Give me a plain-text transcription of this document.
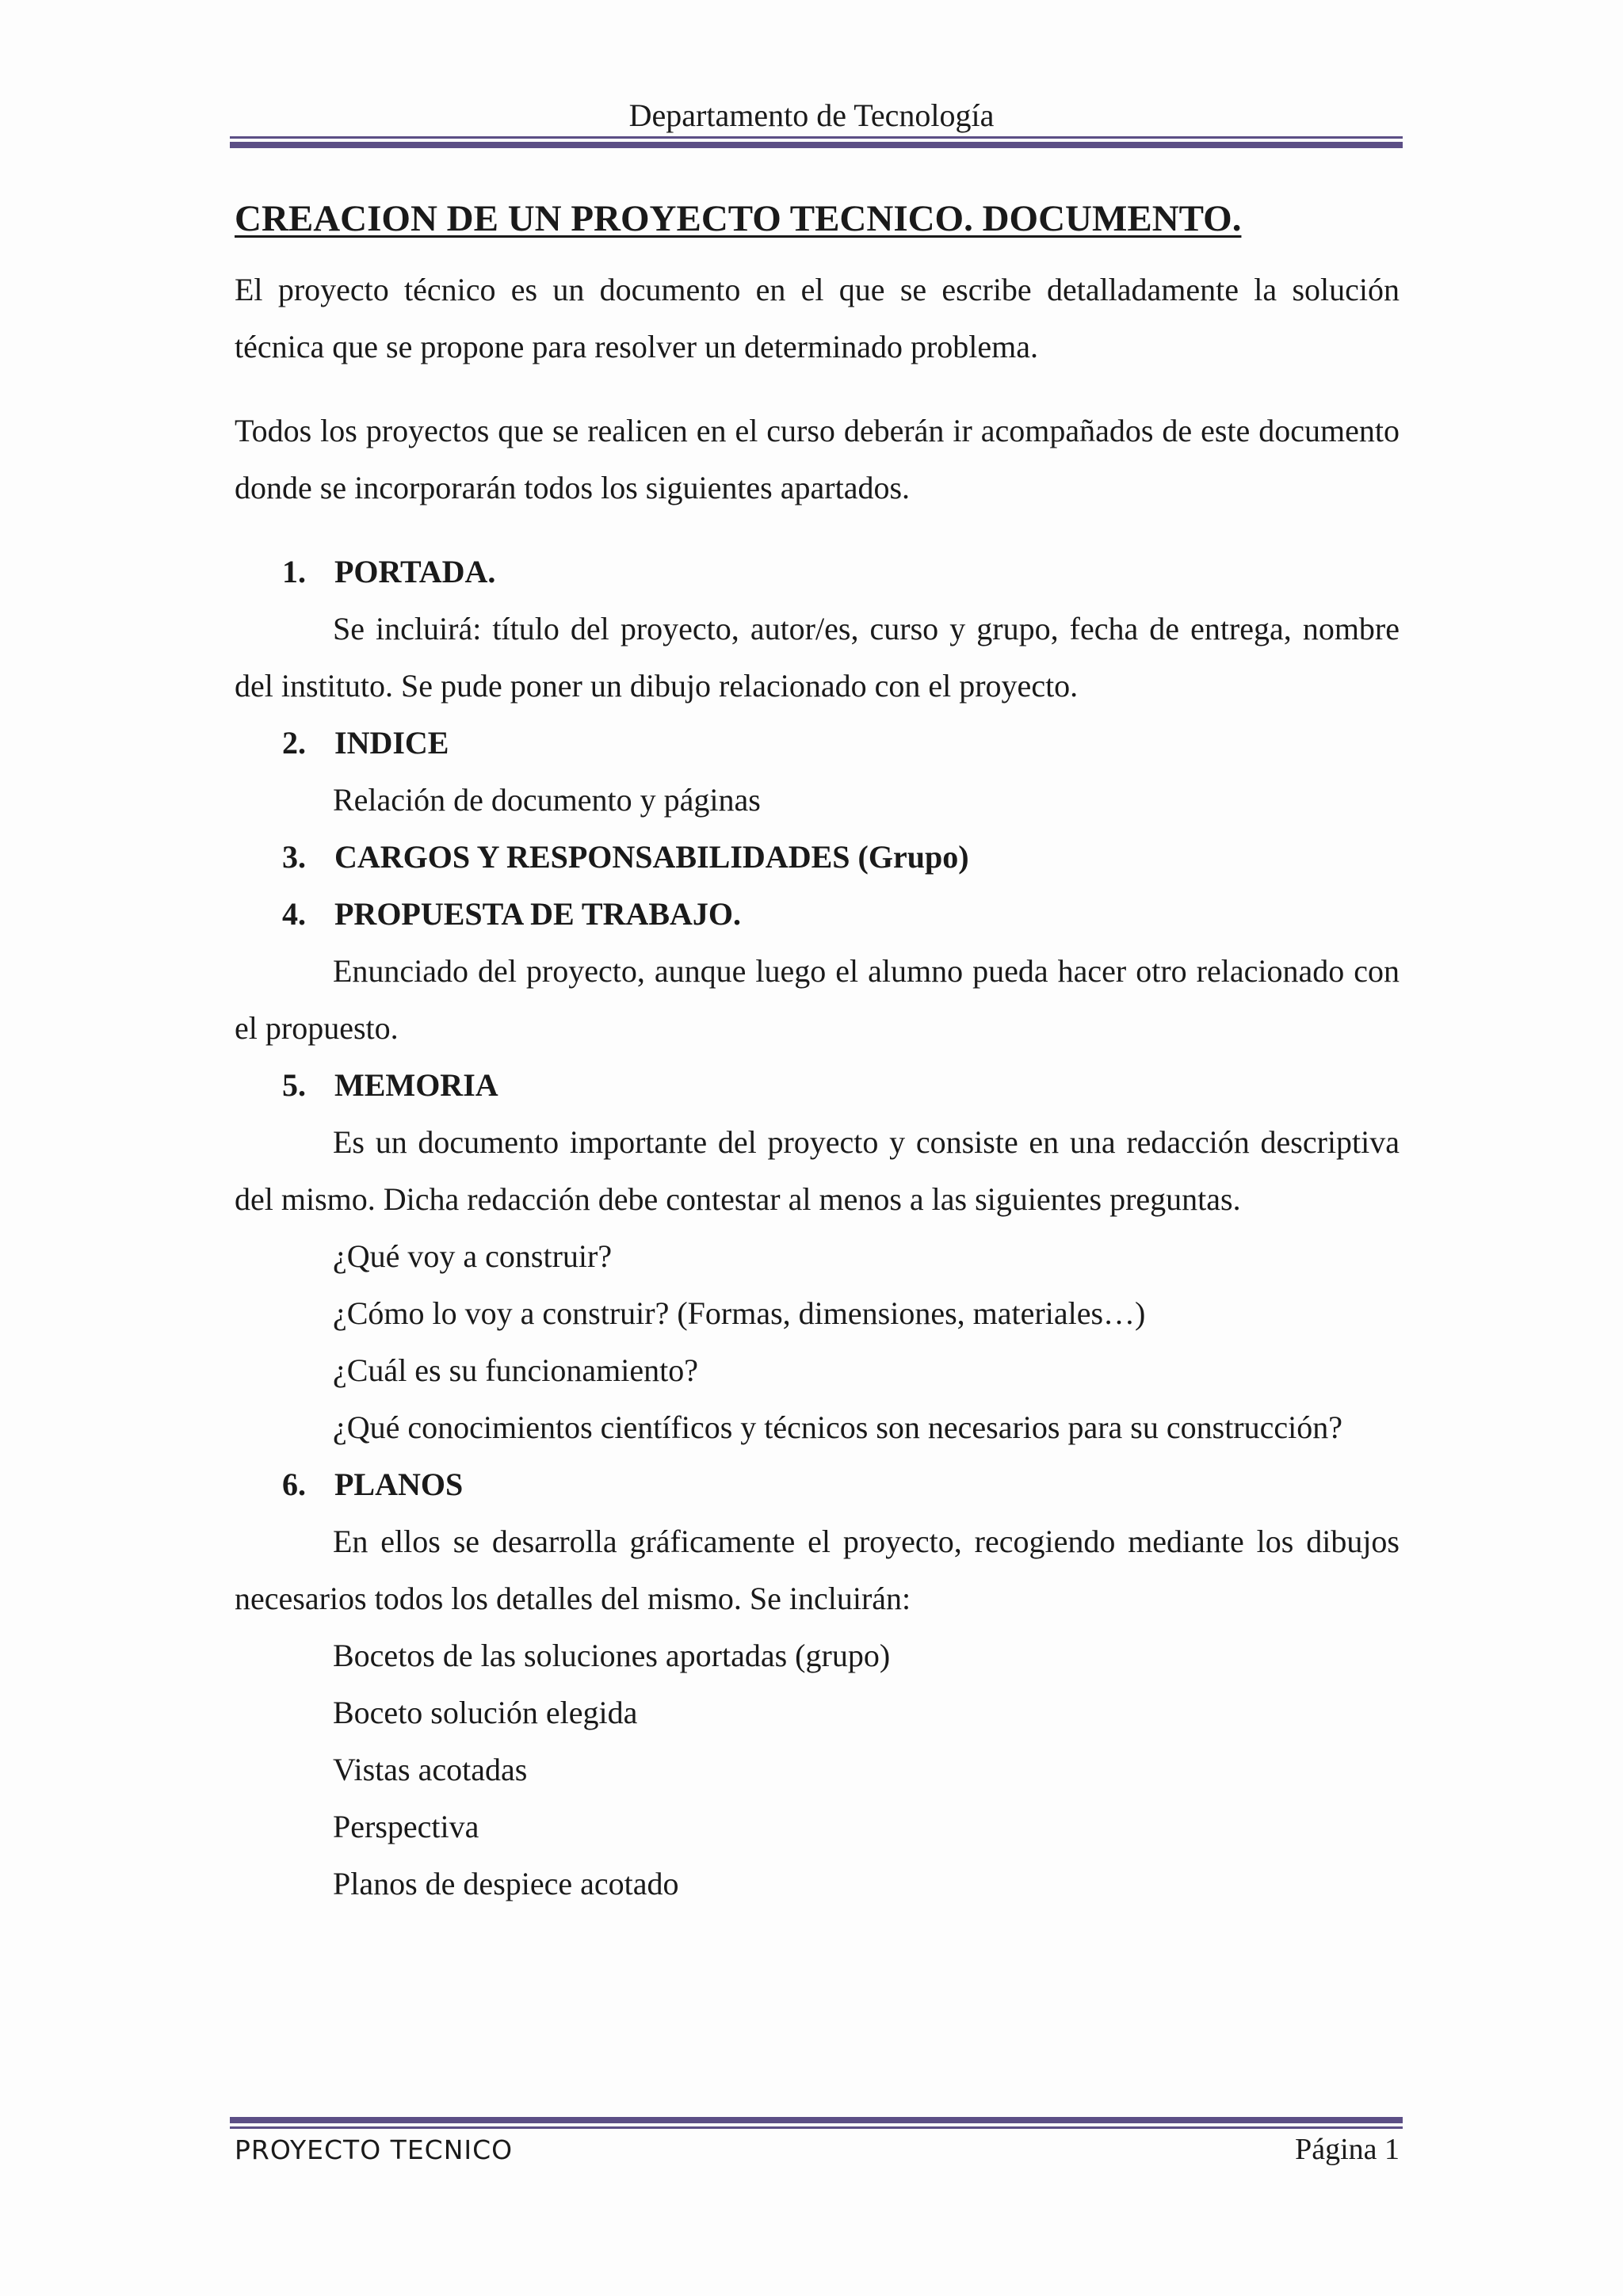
Departamento de Tecnología
CREACION DE UN PROYECTO TECNICO. DOCUMENTO.

El proyecto técnico es un documento en el que se escribe detalladamente la solución técnica que se propone para resolver un determinado problema.

Todos los proyectos que se realicen en el curso deberán ir acompañados de este documento donde se incorporarán todos los siguientes apartados.

1. PORTADA.

Se incluirá: título del proyecto, autor/es, curso y grupo, fecha de entrega, nombre del instituto. Se pude poner un dibujo relacionado con el proyecto.

2. INDICE

Relación de documento y páginas

3. CARGOS Y RESPONSABILIDADES (Grupo)
4. PROPUESTA DE TRABAJO.

Enunciado del proyecto, aunque luego el alumno pueda hacer otro relacionado con el propuesto.

5. MEMORIA

Es un documento importante del proyecto y consiste en una redacción descriptiva del mismo. Dicha redacción debe contestar al menos a las siguientes preguntas.

¿Qué voy a construir?

¿Cómo lo voy a construir? (Formas, dimensiones, materiales…)

¿Cuál es su funcionamiento?

¿Qué conocimientos científicos y técnicos son necesarios para su construcción?

6. PLANOS

En ellos se desarrolla gráficamente el proyecto, recogiendo mediante los dibujos necesarios todos los detalles del mismo. Se incluirán:

Bocetos de las soluciones aportadas (grupo)

Boceto solución elegida

Vistas acotadas

Perspectiva

Planos de despiece acotado

PROYECTO TECNICO	Página 1
